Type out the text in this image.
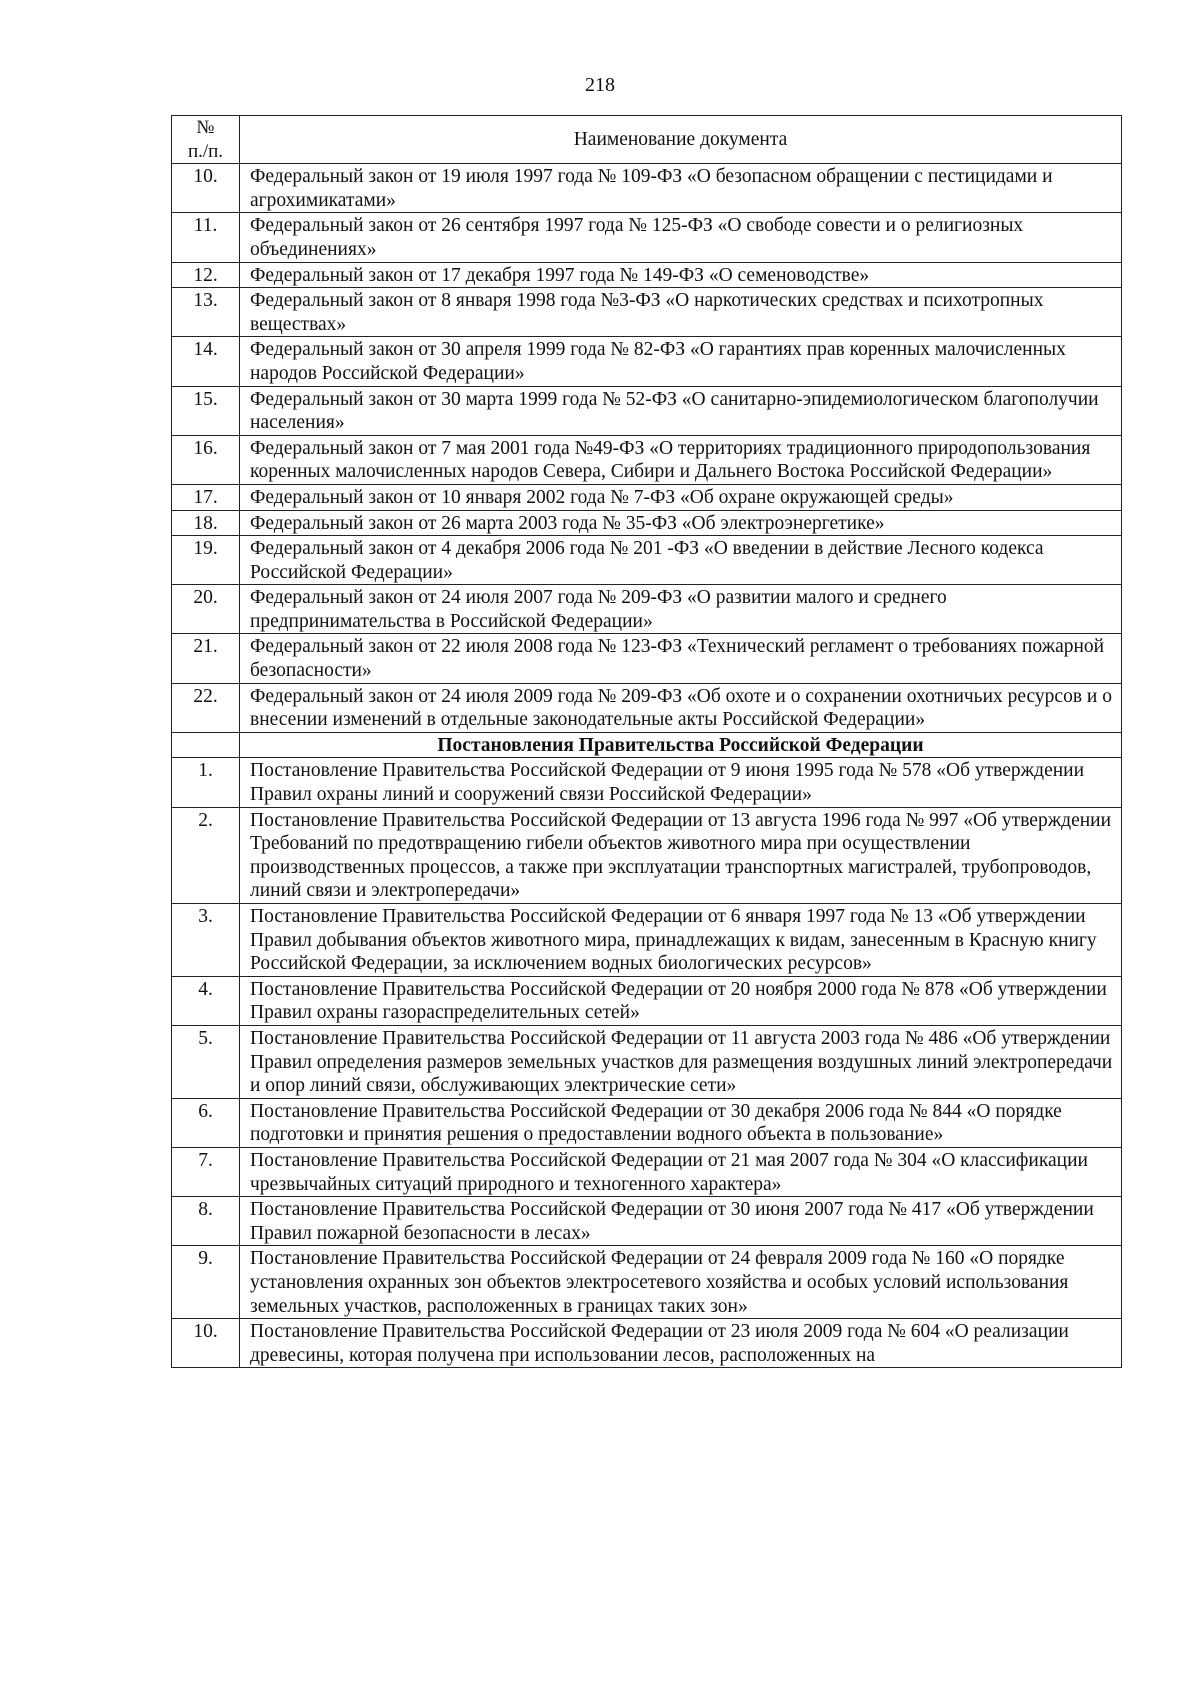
218
№
п./п.	Наименование документа
10.	Федеральный закон от 19 июля 1997 года № 109-ФЗ «О безопасном обращении с пестицидами и агрохимикатами»
11.	Федеральный закон от 26 сентября 1997 года № 125-ФЗ «О свободе совести и о религиозных объединениях»
12.	Федеральный закон от 17 декабря 1997 года № 149-ФЗ «О семеноводстве»
13.	Федеральный закон от 8 января 1998 года №3-ФЗ «О наркотических средствах и психотропных веществах»
14.	Федеральный закон от 30 апреля 1999 года № 82-ФЗ «О гарантиях прав коренных малочисленных народов Российской Федерации»
15.	Федеральный закон от 30 марта 1999 года № 52-ФЗ «О санитарно-эпидемиологическом благополучии населения»
16.	Федеральный закон от 7 мая 2001 года №49-ФЗ «О территориях традиционного природопользования коренных малочисленных народов Севера, Сибири и Дальнего Востока Российской Федерации»
17.	Федеральный закон от 10 января 2002 года № 7-ФЗ «Об охране окружающей среды»
18.	Федеральный закон от 26 марта 2003 года № 35-ФЗ «Об электроэнергетике»
19.	Федеральный закон от 4 декабря 2006 года № 201 -ФЗ «О введении в действие Лесного кодекса Российской Федерации»
20.	Федеральный закон от 24 июля 2007 года № 209-ФЗ «О развитии малого и среднего предпринимательства в Российской Федерации»
21.	Федеральный закон от 22 июля 2008 года № 123-ФЗ «Технический регламент о требованиях пожарной безопасности»
22.	Федеральный закон от 24 июля 2009 года № 209-ФЗ «Об охоте и о сохранении охотничьих ресурсов и о внесении изменений в отдельные законодательные акты Российской Федерации»
	Постановления Правительства Российской Федерации
1.	Постановление Правительства Российской Федерации от 9 июня 1995 года № 578 «Об утверждении Правил охраны линий и сооружений связи Российской Федерации»
2.	Постановление Правительства Российской Федерации от 13 августа 1996 года № 997 «Об утверждении Требований по предотвращению гибели объектов животного мира при осуществлении производственных процессов, а также при эксплуатации транспортных магистралей, трубопроводов, линий связи и электропередачи»
3.	Постановление Правительства Российской Федерации от 6 января 1997 года № 13 «Об утверждении Правил добывания объектов животного мира, принадлежащих к видам, занесенным в Красную книгу Российской Федерации, за исключением водных биологических ресурсов»
4.	Постановление Правительства Российской Федерации от 20 ноября 2000 года № 878 «Об утверждении Правил охраны газораспределительных сетей»
5.	Постановление Правительства Российской Федерации от 11 августа 2003 года № 486 «Об утверждении Правил определения размеров земельных участков для размещения воздушных линий электропередачи и опор линий связи, обслуживающих электрические сети»
6.	Постановление Правительства Российской Федерации от 30 декабря 2006 года № 844 «О порядке подготовки и принятия решения о предоставлении водного объекта в пользование»
7.	Постановление Правительства Российской Федерации от 21 мая 2007 года № 304 «О классификации чрезвычайных ситуаций природного и техногенного характера»
8.	Постановление Правительства Российской Федерации от 30 июня 2007 года № 417 «Об утверждении Правил пожарной безопасности в лесах»
9.	Постановление Правительства Российской Федерации от 24 февраля 2009 года № 160 «О порядке установления охранных зон объектов электросетевого хозяйства и особых условий использования земельных участков, расположенных в границах таких зон»
10.	Постановление Правительства Российской Федерации от 23 июля 2009 года № 604 «О реализации древесины, которая получена при использовании лесов, расположенных на
